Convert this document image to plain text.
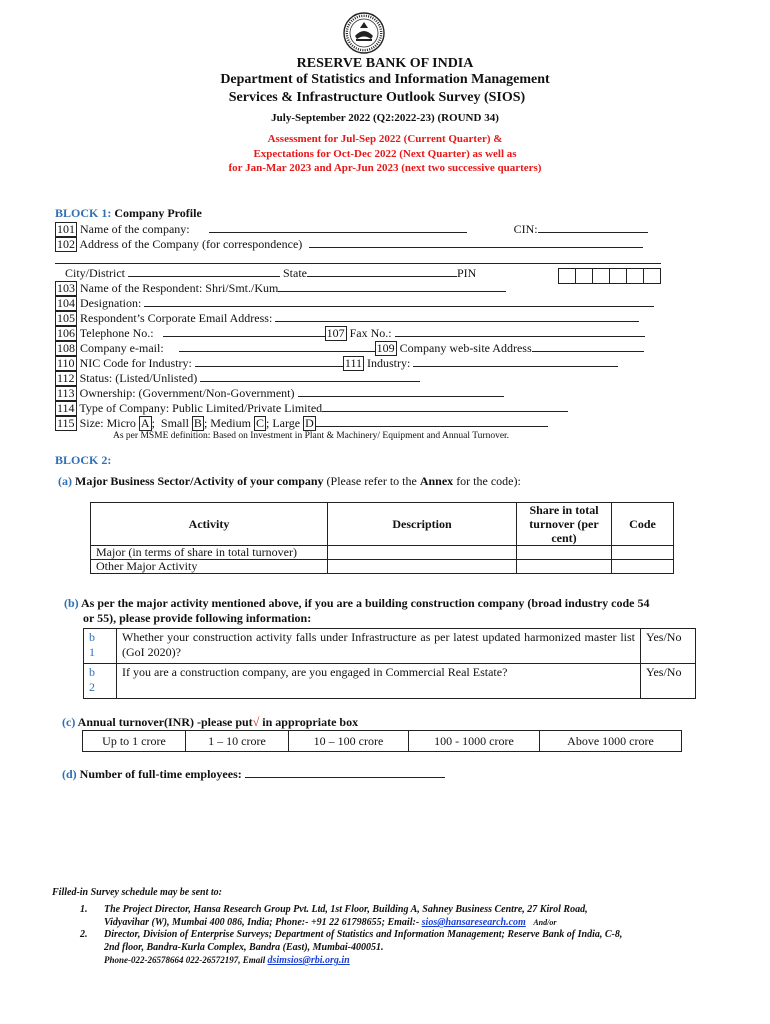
RESERVE BANK OF INDIA
Department of Statistics and Information Management
Services & Infrastructure Outlook Survey (SIOS)
July-September 2022 (Q2:2022-23) (ROUND 34)
Assessment for Jul-Sep 2022 (Current Quarter) &
Expectations for Oct-Dec 2022 (Next Quarter) as well as
for Jan-Mar 2023 and Apr-Jun 2023 (next two successive quarters)
BLOCK 1: Company Profile
101 Name of the company:	CIN:
102 Address of the Company (for correspondence)
City/District	State	PIN
103 Name of the Respondent: Shri/Smt./Kum
104 Designation:
105 Respondent’s Corporate Email Address:
106 Telephone No.:	107 Fax No.:
108 Company e-mail:	109 Company web-site Address
110 NIC Code for Industry:	111 Industry:
112 Status: (Listed/Unlisted)
113 Ownership: (Government/Non-Government)
114 Type of Company: Public Limited/Private Limited
115 Size: Micro A ; Small B ; Medium C ; Large D
As per MSME definition: Based on Investment in Plant & Machinery/ Equipment and Annual Turnover.
BLOCK 2:
(a) Major Business Sector/Activity of your company (Please refer to the Annex for the code):
Activity	Description	Share in total turnover (per cent)	Code
Major (in terms of share in total turnover)			
Other Major Activity			
(b) As per the major activity mentioned above, if you are a building construction company (broad industry code 54
or 55), please provide following information:
b
1	Whether your construction activity falls under Infrastructure as per latest updated harmonized master list (GoI 2020)?	Yes/No
b
2	If you are a construction company, are you engaged in Commercial Real Estate?	Yes/No
(c) Annual turnover(INR) -please put√ in appropriate box
Up to 1 crore	1 – 10 crore	10 – 100 crore	100 - 1000 crore	Above 1000 crore
(d) Number of full-time employees:
Filled-in Survey schedule may be sent to:
1. The Project Director, Hansa Research Group Pvt. Ltd, 1st Floor, Building A, Sahney Business Centre, 27 Kirol Road,
Vidyavihar (W), Mumbai 400 086, India; Phone:- +91 22 61798655; Email:- sios@hansaresearch.com And/or
2. Director, Division of Enterprise Surveys; Department of Statistics and Information Management; Reserve Bank of India, C-8,
2nd floor, Bandra-Kurla Complex, Bandra (East), Mumbai-400051.
Phone-022-26578664 022-26572197, Email dsimsios@rbi.org.in
